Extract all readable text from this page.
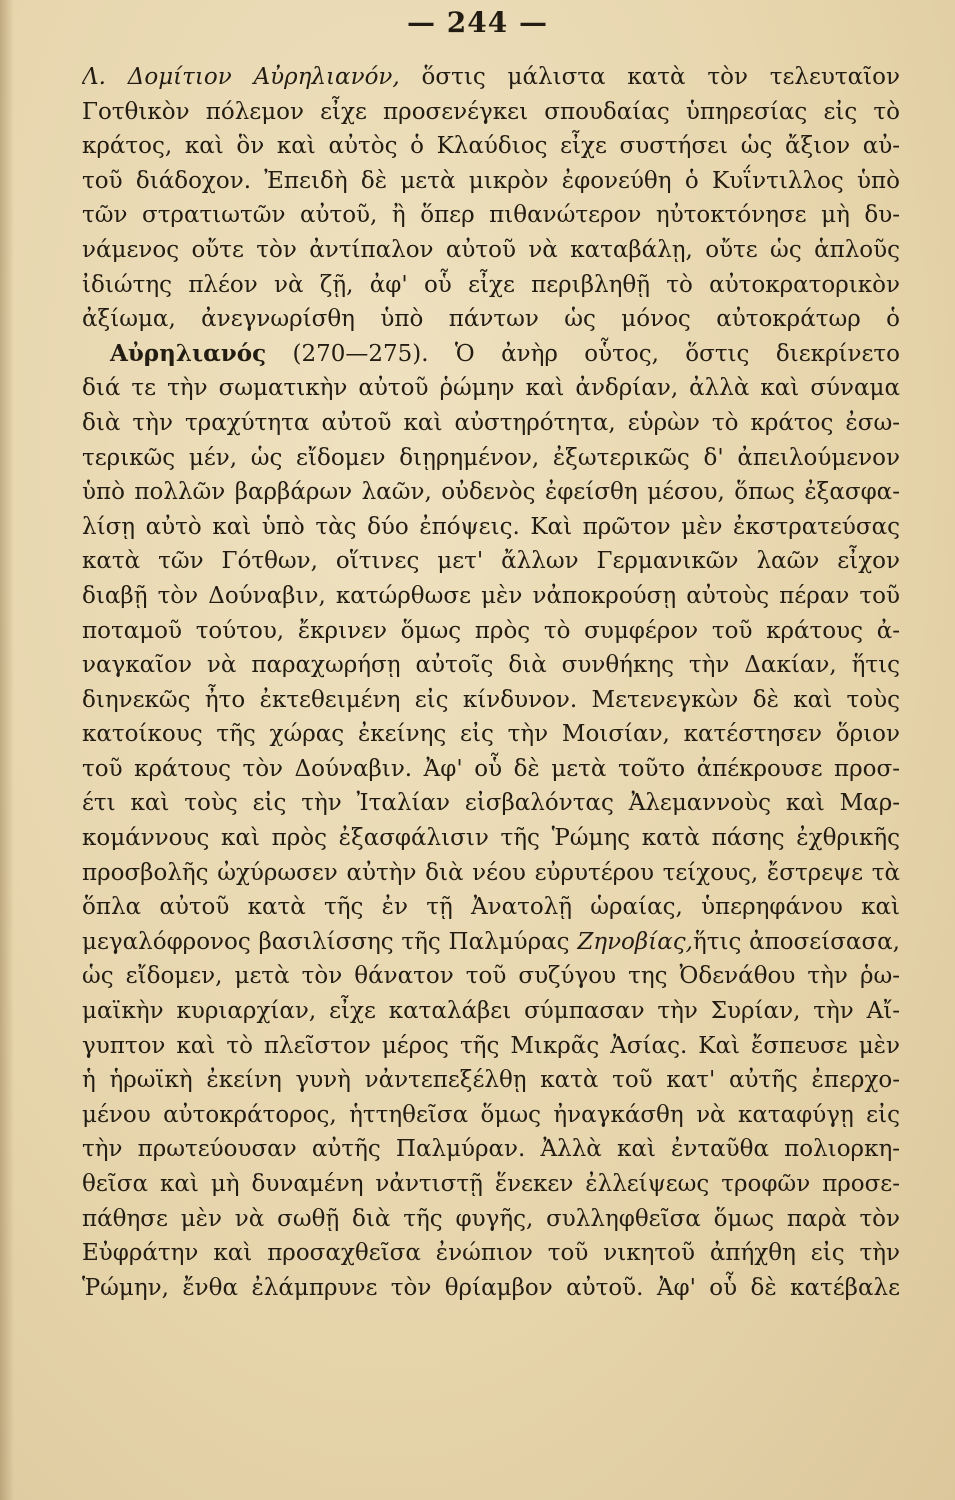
— 244 —
Λ. Δομίτιον Αὐρηλιανόν, ὅστις μάλιστα κατὰ τὸν τελευταῖον
Γοτθικὸν πόλεμον εἶχε προσενέγκει σπουδαίας ὑπηρεσίας εἰς τὸ
κράτος, καὶ ὃν καὶ αὐτὸς ὁ Κλαύδιος εἶχε συστήσει ὡς ἄξιον αὐ-
τοῦ διάδοχον. Ἐπειδὴ δὲ μετὰ μικρὸν ἐφονεύθη ὁ Κυΐντιλλος ὑπὸ
τῶν στρατιωτῶν αὐτοῦ, ἢ ὅπερ πιθανώτερον ηὐτοκτόνησε μὴ δυ-
νάμενος οὔτε τὸν ἀντίπαλον αὐτοῦ νὰ καταβάλῃ, οὔτε ὡς ἁπλοῦς
ἰδιώτης πλέον νὰ ζῇ, ἀφ' οὗ εἶχε περιβληθῇ τὸ αὐτοκρατορικὸν
ἀξίωμα, ἀνεγνωρίσθη ὑπὸ πάντων ὡς μόνος αὐτοκράτωρ ὁ
Αὐρηλιανός (270—275). Ὁ ἀνὴρ οὗτος, ὅστις διεκρίνετο
διά τε τὴν σωματικὴν αὐτοῦ ῥώμην καὶ ἀνδρίαν, ἀλλὰ καὶ σύναμα
διὰ τὴν τραχύτητα αὐτοῦ καὶ αὐστηρότητα, εὑρὼν τὸ κράτος ἐσω-
τερικῶς μέν, ὡς εἴδομεν διῃρημένον, ἐξωτερικῶς δ' ἀπειλούμενον
ὑπὸ πολλῶν βαρβάρων λαῶν, οὐδενὸς ἐφείσθη μέσου, ὅπως ἐξασφα-
λίσῃ αὐτὸ καὶ ὑπὸ τὰς δύο ἐπόψεις. Καὶ πρῶτον μὲν ἐκστρατεύσας
κατὰ τῶν Γότθων, οἵτινες μετ' ἄλλων Γερμανικῶν λαῶν εἶχον
διαβῇ τὸν Δούναβιν, κατώρθωσε μὲν νἀποκρούσῃ αὐτοὺς πέραν τοῦ
ποταμοῦ τούτου, ἔκρινεν ὅμως πρὸς τὸ συμφέρον τοῦ κράτους ἀ-
ναγκαῖον νὰ παραχωρήσῃ αὐτοῖς διὰ συνθήκης τὴν Δακίαν, ἥτις
διηνεκῶς ἦτο ἐκτεθειμένη εἰς κίνδυνον. Μετενεγκὼν δὲ καὶ τοὺς
κατοίκους τῆς χώρας ἐκείνης εἰς τὴν Μοισίαν, κατέστησεν ὅριον
τοῦ κράτους τὸν Δούναβιν. Ἀφ' οὗ δὲ μετὰ τοῦτο ἀπέκρουσε προσ-
έτι καὶ τοὺς εἰς τὴν Ἰταλίαν εἰσβαλόντας Ἀλεμαννοὺς καὶ Μαρ-
κομάννους καὶ πρὸς ἐξασφάλισιν τῆς Ῥώμης κατὰ πάσης ἐχθρικῆς
προσβολῆς ὠχύρωσεν αὐτὴν διὰ νέου εὐρυτέρου τείχους, ἔστρεψε τὰ
ὅπλα αὐτοῦ κατὰ τῆς ἐν τῇ Ἀνατολῇ ὡραίας, ὑπερηφάνου καὶ
μεγαλόφρονος βασιλίσσης τῆς Παλμύρας Ζηνοβίας,ἥτις ἀποσείσασα,
ὡς εἴδομεν, μετὰ τὸν θάνατον τοῦ συζύγου της Ὀδενάθου τὴν ῥω-
μαϊκὴν κυριαρχίαν, εἶχε καταλάβει σύμπασαν τὴν Συρίαν, τὴν Αἴ-
γυπτον καὶ τὸ πλεῖστον μέρος τῆς Μικρᾶς Ἀσίας. Καὶ ἔσπευσε μὲν
ἡ ἡρωϊκὴ ἐκείνη γυνὴ νἀντεπεξέλθῃ κατὰ τοῦ κατ' αὐτῆς ἐπερχο-
μένου αὐτοκράτορος, ἡττηθεῖσα ὅμως ἠναγκάσθη νὰ καταφύγῃ εἰς
τὴν πρωτεύουσαν αὐτῆς Παλμύραν. Ἀλλὰ καὶ ἐνταῦθα πολιορκη-
θεῖσα καὶ μὴ δυναμένη νἀντιστῇ ἕνεκεν ἐλλείψεως τροφῶν προσε-
πάθησε μὲν νὰ σωθῇ διὰ τῆς φυγῆς, συλληφθεῖσα ὅμως παρὰ τὸν
Εὐφράτην καὶ προσαχθεῖσα ἐνώπιον τοῦ νικητοῦ ἀπήχθη εἰς τὴν
Ῥώμην, ἔνθα ἐλάμπρυνε τὸν θρίαμβον αὐτοῦ. Ἀφ' οὗ δὲ κατέβαλε
